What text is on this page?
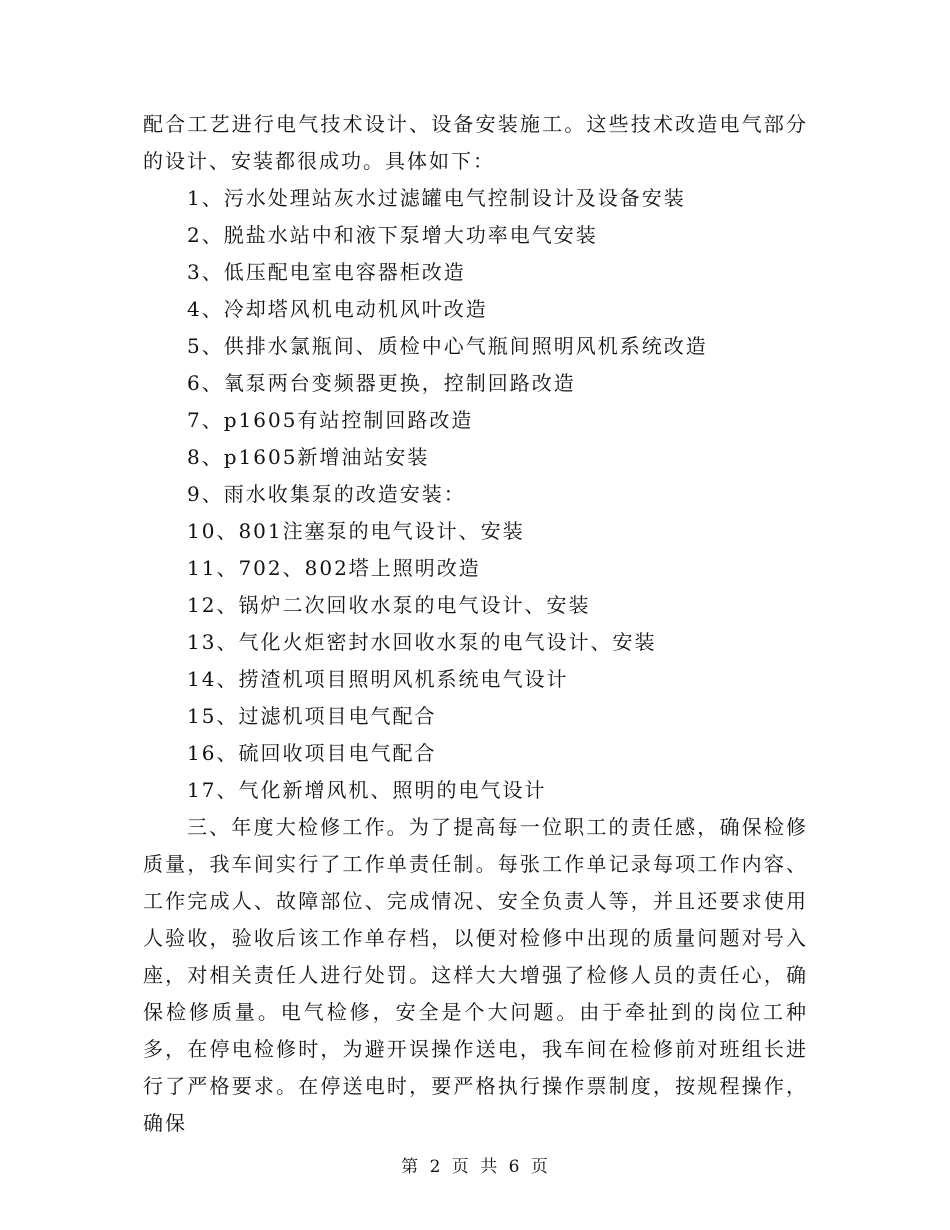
配合工艺进行电气技术设计、设备安装施工。这些技术改造电气部分的设计、安装都很成功。具体如下：

1、污水处理站灰水过滤罐电气控制设计及设备安装
2、脱盐水站中和液下泵增大功率电气安装
3、低压配电室电容器柜改造
4、冷却塔风机电动机风叶改造
5、供排水氯瓶间、质检中心气瓶间照明风机系统改造
6、氧泵两台变频器更换，控制回路改造
7、p1605有站控制回路改造
8、p1605新增油站安装
9、雨水收集泵的改造安装：
10、801注塞泵的电气设计、安装
11、702、802塔上照明改造
12、锅炉二次回收水泵的电气设计、安装
13、气化火炬密封水回收水泵的电气设计、安装
14、捞渣机项目照明风机系统电气设计
15、过滤机项目电气配合
16、硫回收项目电气配合
17、气化新增风机、照明的电气设计

三、年度大检修工作。为了提高每一位职工的责任感，确保检修质量，我车间实行了工作单责任制。每张工作单记录每项工作内容、工作完成人、故障部位、完成情况、安全负责人等，并且还要求使用人验收，验收后该工作单存档，以便对检修中出现的质量问题对号入座，对相关责任人进行处罚。这样大大增强了检修人员的责任心，确保检修质量。电气检修，安全是个大问题。由于牵扯到的岗位工种多，在停电检修时，为避开误操作送电，我车间在检修前对班组长进行了严格要求。在停送电时，要严格执行操作票制度，按规程操作，确保

第 2 页 共 6 页
